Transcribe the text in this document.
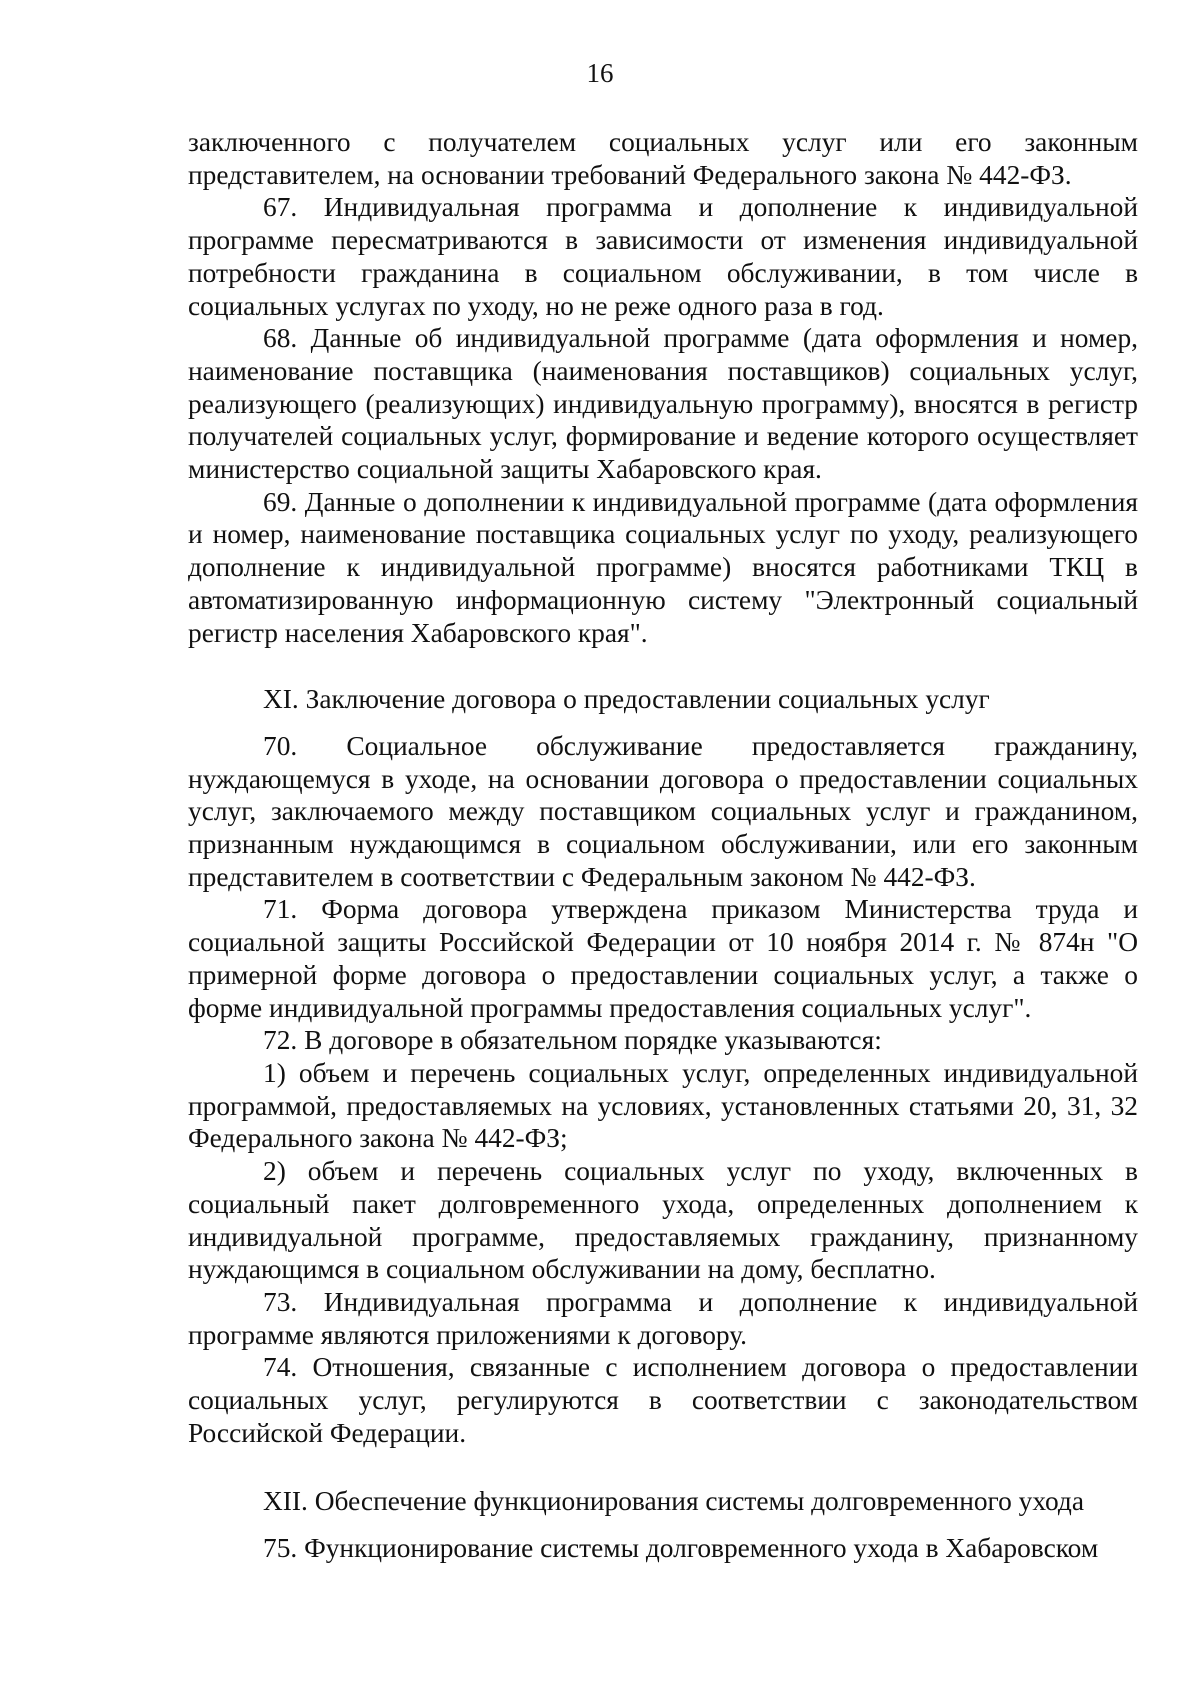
16

заключенного с получателем социальных услуг или его законным представителем, на основании требований Федерального закона № 442-ФЗ.

67. Индивидуальная программа и дополнение к индивидуальной программе пересматриваются в зависимости от изменения индивидуальной потребности гражданина в социальном обслуживании, в том числе в социальных услугах по уходу, но не реже одного раза в год.

68. Данные об индивидуальной программе (дата оформления и номер, наименование поставщика (наименования поставщиков) социальных услуг, реализующего (реализующих) индивидуальную программу), вносятся в регистр получателей социальных услуг, формирование и ведение которого осуществляет министерство социальной защиты Хабаровского края.

69. Данные о дополнении к индивидуальной программе (дата оформления и номер, наименование поставщика социальных услуг по уходу, реализующего дополнение к индивидуальной программе) вносятся работниками ТКЦ в автоматизированную информационную систему "Электронный социальный регистр населения Хабаровского края".

XI. Заключение договора о предоставлении социальных услуг

70. Социальное обслуживание предоставляется гражданину, нуждающемуся в уходе, на основании договора о предоставлении социальных услуг, заключаемого между поставщиком социальных услуг и гражданином, признанным нуждающимся в социальном обслуживании, или его законным представителем в соответствии с Федеральным законом № 442-ФЗ.

71. Форма договора утверждена приказом Министерства труда и социальной защиты Российской Федерации от 10 ноября 2014 г. № 874н "О примерной форме договора о предоставлении социальных услуг, а также о форме индивидуальной программы предоставления социальных услуг".

72. В договоре в обязательном порядке указываются:

1) объем и перечень социальных услуг, определенных индивидуальной программой, предоставляемых на условиях, установленных статьями 20, 31, 32 Федерального закона № 442-ФЗ;

2) объем и перечень социальных услуг по уходу, включенных в социальный пакет долговременного ухода, определенных дополнением к индивидуальной программе, предоставляемых гражданину, признанному нуждающимся в социальном обслуживании на дому, бесплатно.

73. Индивидуальная программа и дополнение к индивидуальной программе являются приложениями к договору.

74. Отношения, связанные с исполнением договора о предоставлении социальных услуг, регулируются в соответствии с законодательством Российской Федерации.

XII. Обеспечение функционирования системы долговременного ухода

75. Функционирование системы долговременного ухода в Хабаровском
